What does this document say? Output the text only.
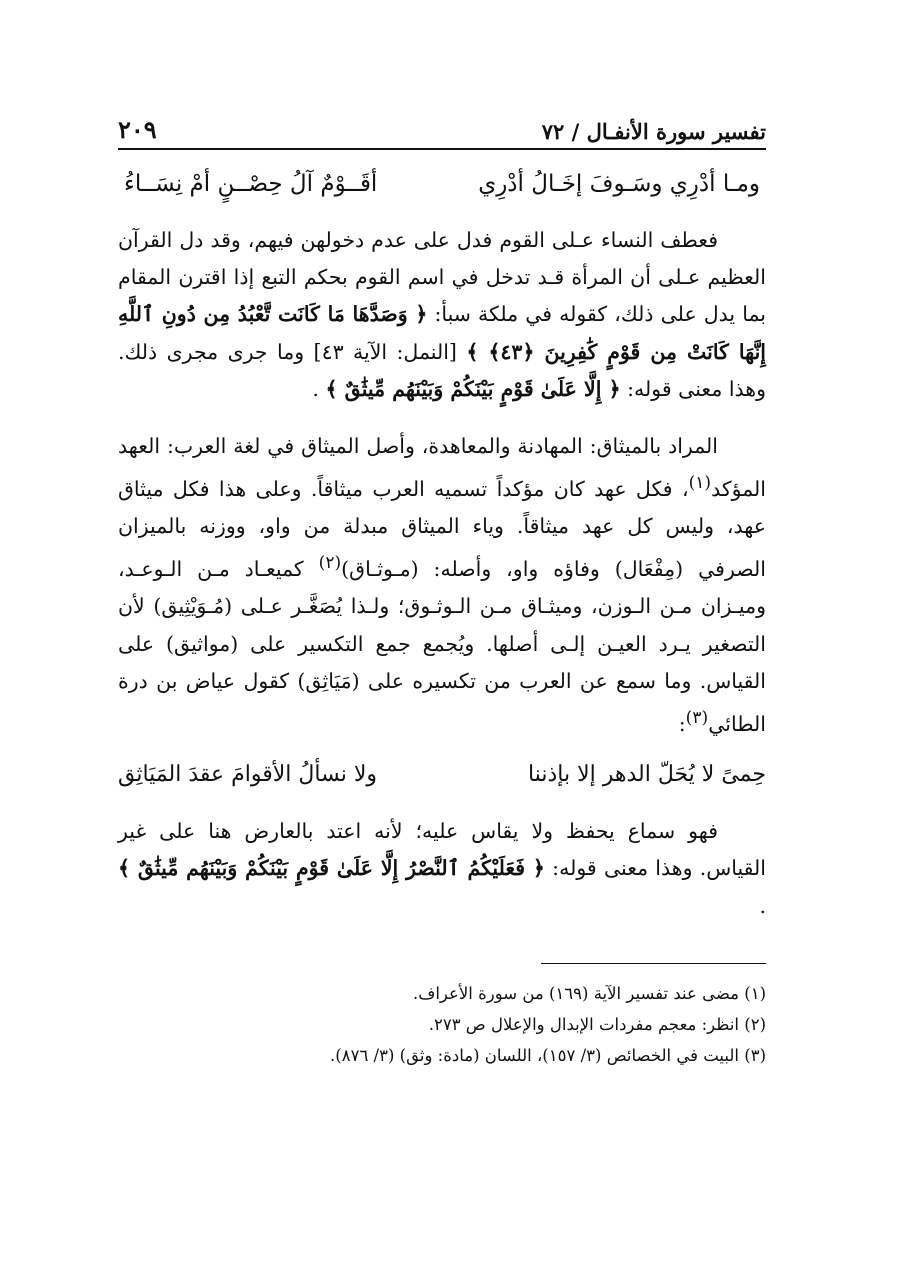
تفسير سورة الأنفـال / ٧٢
٢٠٩
ومـا أدْرِي وسَـوفَ إخَـالُ أدْرِي
أقَــوْمٌ آلُ حِصْــنٍ أمْ نِسَــاءُ

فعطف النساء عـلى القوم فدل على عدم دخولهن فيهم، وقد دل القرآن العظيم عـلى أن المرأة قـد تدخل في اسم القوم بحكم التبع إذا اقترن المقام بما يدل على ذلك، كقوله في ملكة سبأ: ﴿ وَصَدَّهَا مَا كَانَت تَّعْبُدُ مِن دُونِ ٱللَّهِ إِنَّهَا كَانَتْ مِن قَوْمٍ كَٰفِرِينَ ﴿٤٣﴾ ﴾ [النمل: الآية ٤٣] وما جرى مجرى ذلك. وهذا معنى قوله: ﴿ إِلَّا عَلَىٰ قَوْمٍ بَيْنَكُمْ وَبَيْنَهُم مِّيثَٰقٌ ﴾ .

المراد بالميثاق: المهادنة والمعاهدة، وأصل الميثاق في لغة العرب: العهد المؤكد$^{(١)}$، فكل عهد كان مؤكداً تسميه العرب ميثاقاً. وعلى هذا فكل ميثاق عهد، وليس كل عهد ميثاقاً. وياء الميثاق مبدلة من واو، ووزنه بالميزان الصرفي (مِفْعَال) وفاؤه واو، وأصله: (مـوثـاق)$^{(٢)}$ كميعـاد مـن الـوعـد، وميـزان مـن الـوزن، وميثـاق مـن الـوثـوق؛ ولـذا يُصَغَّـر عـلى (مُـوَيْثِيق) لأن التصغير يـرد العيـن إلـى أصلها. ويُجمع جمع التكسير على (مواثيق) على القياس. وما سمع عن العرب من تكسيره على (مَيَاثِق) كقول عياض بن درة الطائي$^{(٣)}$:

حِمىً لا يُحَلّ الدهر إلا بإذننا
ولا نسألُ الأقوامَ عقدَ المَيَاثِق

فهو سماع يحفظ ولا يقاس عليه؛ لأنه اعتد بالعارض هنا على غير القياس. وهذا معنى قوله: ﴿ فَعَلَيْكُمُ ٱلنَّصْرُ إِلَّا عَلَىٰ قَوْمٍ بَيْنَكُمْ وَبَيْنَهُم مِّيثَٰقٌ ﴾ .

(١) مضى عند تفسير الآية (١٦٩) من سورة الأعراف.
(٢) انظر: معجم مفردات الإبدال والإعلال ص ٢٧٣.
(٣) البيت في الخصائص (٣/ ١٥٧)، اللسان (مادة: وثق) (٣/ ٨٧٦).
